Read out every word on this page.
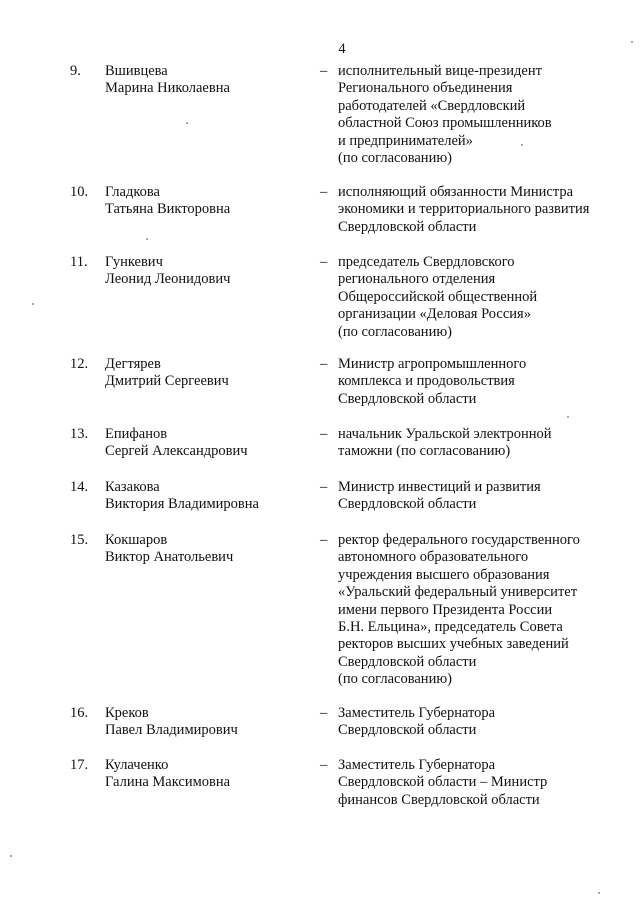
4
9.	Вшивцева
Марина Николаевна
– исполнительный вице-президент
Регионального объединения
работодателей «Свердловский
областной Союз промышленников
и предпринимателей»
(по согласованию)
10.	Гладкова
Татьяна Викторовна
– исполняющий обязанности Министра
экономики и территориального развития
Свердловской области
11.	Гункевич
Леонид Леонидович
– председатель Свердловского
регионального отделения
Общероссийской общественной
организации «Деловая Россия»
(по согласованию)
12.	Дегтярев
Дмитрий Сергеевич
– Министр агропромышленного
комплекса и продовольствия
Свердловской области
13.	Епифанов
Сергей Александрович
– начальник Уральской электронной
таможни (по согласованию)
14.	Казакова
Виктория Владимировна
– Министр инвестиций и развития
Свердловской области
15.	Кокшаров
Виктор Анатольевич
– ректор федерального государственного
автономного образовательного
учреждения высшего образования
«Уральский федеральный университет
имени первого Президента России
Б.Н. Ельцина», председатель Совета
ректоров высших учебных заведений
Свердловской области
(по согласованию)
16.	Креков
Павел Владимирович
– Заместитель Губернатора
Свердловской области
17.	Кулаченко
Галина Максимовна
– Заместитель Губернатора
Свердловской области – Министр
финансов Свердловской области
